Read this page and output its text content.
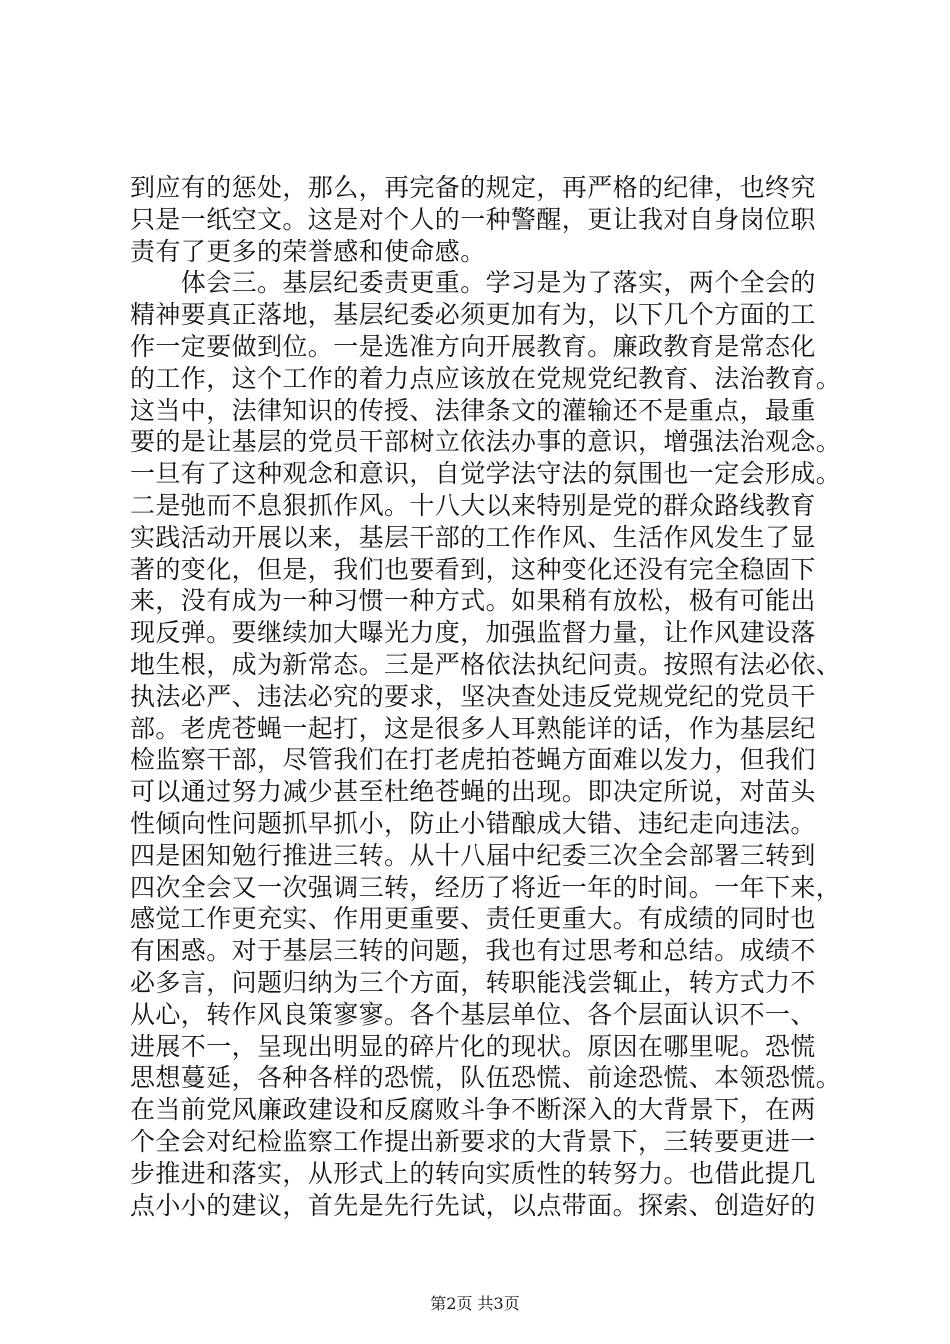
到应有的惩处，那么，再完备的规定，再严格的纪律，也终究
只是一纸空文。这是对个人的一种警醒，更让我对自身岗位职
责有了更多的荣誉感和使命感。
　　体会三。基层纪委责更重。学习是为了落实，两个全会的
精神要真正落地，基层纪委必须更加有为，以下几个方面的工
作一定要做到位。一是选准方向开展教育。廉政教育是常态化
的工作，这个工作的着力点应该放在党规党纪教育、法治教育。
这当中，法律知识的传授、法律条文的灌输还不是重点，最重
要的是让基层的党员干部树立依法办事的意识，增强法治观念。
一旦有了这种观念和意识，自觉学法守法的氛围也一定会形成。
二是弛而不息狠抓作风。十八大以来特别是党的群众路线教育
实践活动开展以来，基层干部的工作作风、生活作风发生了显
著的变化，但是，我们也要看到，这种变化还没有完全稳固下
来，没有成为一种习惯一种方式。如果稍有放松，极有可能出
现反弹。要继续加大曝光力度，加强监督力量，让作风建设落
地生根，成为新常态。三是严格依法执纪问责。按照有法必依、
执法必严、违法必究的要求，坚决查处违反党规党纪的党员干
部。老虎苍蝇一起打，这是很多人耳熟能详的话，作为基层纪
检监察干部，尽管我们在打老虎拍苍蝇方面难以发力，但我们
可以通过努力减少甚至杜绝苍蝇的出现。即决定所说，对苗头
性倾向性问题抓早抓小，防止小错酿成大错、违纪走向违法。
四是困知勉行推进三转。从十八届中纪委三次全会部署三转到
四次全会又一次强调三转，经历了将近一年的时间。一年下来，
感觉工作更充实、作用更重要、责任更重大。有成绩的同时也
有困惑。对于基层三转的问题，我也有过思考和总结。成绩不
必多言，问题归纳为三个方面，转职能浅尝辄止，转方式力不
从心，转作风良策寥寥。各个基层单位、各个层面认识不一、
进展不一，呈现出明显的碎片化的现状。原因在哪里呢。恐慌
思想蔓延，各种各样的恐慌，队伍恐慌、前途恐慌、本领恐慌。
在当前党风廉政建设和反腐败斗争不断深入的大背景下，在两
个全会对纪检监察工作提出新要求的大背景下，三转要更进一
步推进和落实，从形式上的转向实质性的转努力。也借此提几
点小小的建议，首先是先行先试，以点带面。探索、创造好的
第2页 共3页
